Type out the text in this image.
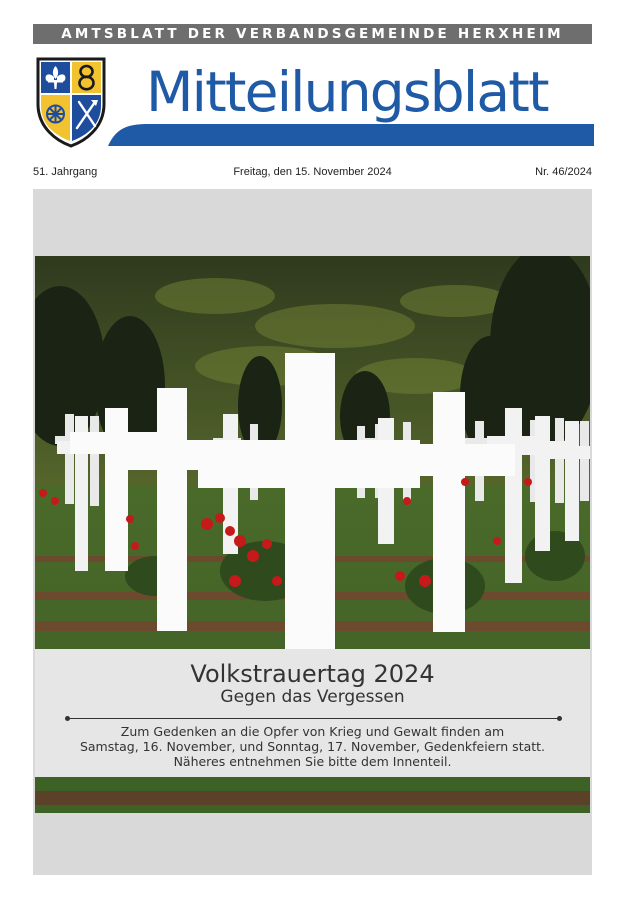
AMTSBLATT DER VERBANDSGEMEINDE HERXHEIM
Mitteilungsblatt
51. Jahrgang	Freitag, den 15. November 2024	Nr. 46/2024
Volkstrauertag 2024
Gegen das Vergessen
Zum Gedenken an die Opfer von Krieg und Gewalt finden am
Samstag, 16. November, und Sonntag, 17. November, Gedenkfeiern statt.
Näheres entnehmen Sie bitte dem Innenteil.
